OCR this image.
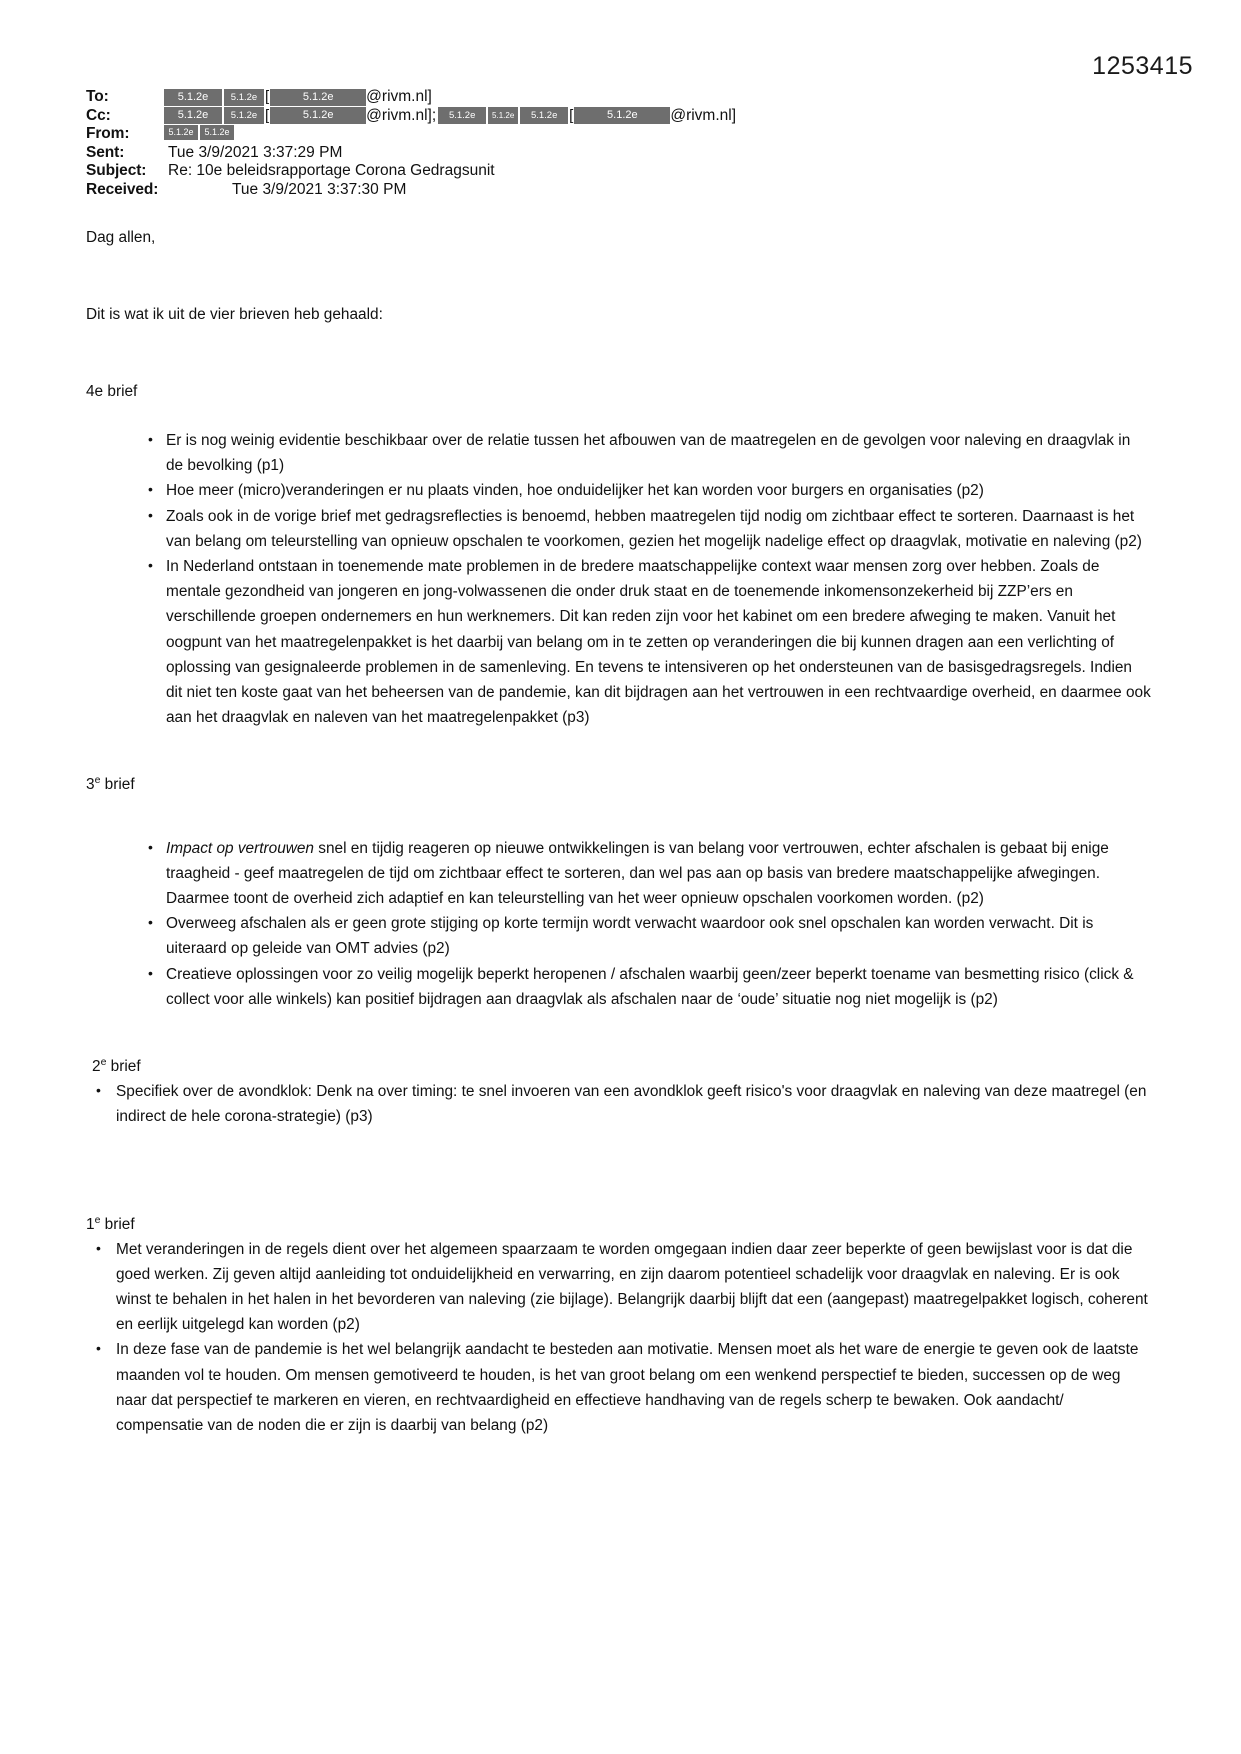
1253415
To:	5.1.2e	5.1.2e [	5.1.2e	@rivm.nl]
Cc:	5.1.2e	5.1.2e [	5.1.2e	@rivm.nl];	5.1.2e	5.1.2e	5.1.2e [	5.1.2e	@rivm.nl]
From:	5.1.2e	5.1.2e
Sent:	Tue 3/9/2021 3:37:29 PM
Subject:	Re: 10e beleidsrapportage Corona Gedragsunit
Received:	Tue 3/9/2021 3:37:30 PM

Dag allen,

Dit is wat ik uit de vier brieven heb gehaald:

4e brief

• Er is nog weinig evidentie beschikbaar over de relatie tussen het afbouwen van de maatregelen en de gevolgen voor naleving en draagvlak in de bevolking (p1)
• Hoe meer (micro)veranderingen er nu plaats vinden, hoe onduidelijker het kan worden voor burgers en organisaties (p2)
• Zoals ook in de vorige brief met gedragsreflecties is benoemd, hebben maatregelen tijd nodig om zichtbaar effect te sorteren. Daarnaast is het van belang om teleurstelling van opnieuw opschalen te voorkomen, gezien het mogelijk nadelige effect op draagvlak, motivatie en naleving (p2)
• In Nederland ontstaan in toenemende mate problemen in de bredere maatschappelijke context waar mensen zorg over hebben. Zoals de mentale gezondheid van jongeren en jong-volwassenen die onder druk staat en de toenemende inkomensonzekerheid bij ZZP’ers en verschillende groepen ondernemers en hun werknemers. Dit kan reden zijn voor het kabinet om een bredere afweging te maken. Vanuit het oogpunt van het maatregelenpakket is het daarbij van belang om in te zetten op veranderingen die bij kunnen dragen aan een verlichting of oplossing van gesignaleerde problemen in de samenleving. En tevens te intensiveren op het ondersteunen van de basisgedragsregels. Indien dit niet ten koste gaat van het beheersen van de pandemie, kan dit bijdragen aan het vertrouwen in een rechtvaardige overheid, en daarmee ook aan het draagvlak en naleven van het maatregelenpakket (p3)

3e brief

• Impact op vertrouwen snel en tijdig reageren op nieuwe ontwikkelingen is van belang voor vertrouwen, echter afschalen is gebaat bij enige traagheid - geef maatregelen de tijd om zichtbaar effect te sorteren, dan wel pas aan op basis van bredere maatschappelijke afwegingen. Daarmee toont de overheid zich adaptief en kan teleurstelling van het weer opnieuw opschalen voorkomen worden. (p2)
• Overweeg afschalen als er geen grote stijging op korte termijn wordt verwacht waardoor ook snel opschalen kan worden verwacht. Dit is uiteraard op geleide van OMT advies (p2)
• Creatieve oplossingen voor zo veilig mogelijk beperkt heropenen / afschalen waarbij geen/zeer beperkt toename van besmetting risico (click & collect voor alle winkels) kan positief bijdragen aan draagvlak als afschalen naar de ‘oude’ situatie nog niet mogelijk is (p2)

2e brief

• Specifiek over de avondklok: Denk na over timing: te snel invoeren van een avondklok geeft risico's voor draagvlak en naleving van deze maatregel (en indirect de hele corona-strategie) (p3)

1e brief

• Met veranderingen in de regels dient over het algemeen spaarzaam te worden omgegaan indien daar zeer beperkte of geen bewijslast voor is dat die goed werken. Zij geven altijd aanleiding tot onduidelijkheid en verwarring, en zijn daarom potentieel schadelijk voor draagvlak en naleving. Er is ook winst te behalen in het halen in het bevorderen van naleving (zie bijlage). Belangrijk daarbij blijft dat een (aangepast) maatregelpakket logisch, coherent en eerlijk uitgelegd kan worden (p2)
• In deze fase van de pandemie is het wel belangrijk aandacht te besteden aan motivatie. Mensen moet als het ware de energie te geven ook de laatste maanden vol te houden. Om mensen gemotiveerd te houden, is het van groot belang om een wenkend perspectief te bieden, successen op de weg naar dat perspectief te markeren en vieren, en rechtvaardigheid en effectieve handhaving van de regels scherp te bewaken. Ook aandacht/ compensatie van de noden die er zijn is daarbij van belang (p2)
